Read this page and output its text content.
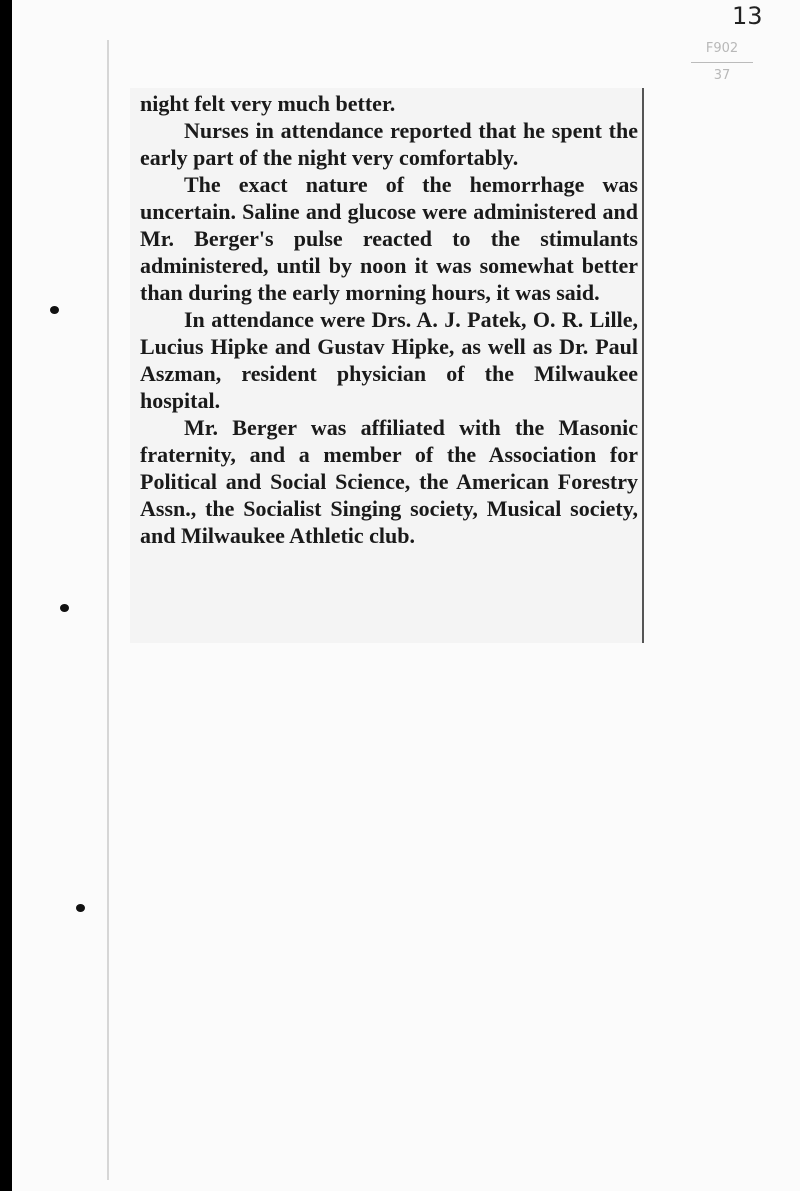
13
F902
37

night felt very much better.

Nurses in attendance reported that he spent the early part of the night very comfortably.

The exact nature of the hemorrhage was uncertain. Saline and glucose were administered and Mr. Berger's pulse reacted to the stimulants administered, until by noon it was somewhat better than during the early morning hours, it was said.

In attendance were Drs. A. J. Patek, O. R. Lille, Lucius Hipke and Gustav Hipke, as well as Dr. Paul Aszman, resident physician of the Milwaukee hospital.

Mr. Berger was affiliated with the Masonic fraternity, and a member of the Association for Political and Social Science, the American Forestry Assn., the Socialist Singing society, Musical society, and Milwaukee Athletic club.
